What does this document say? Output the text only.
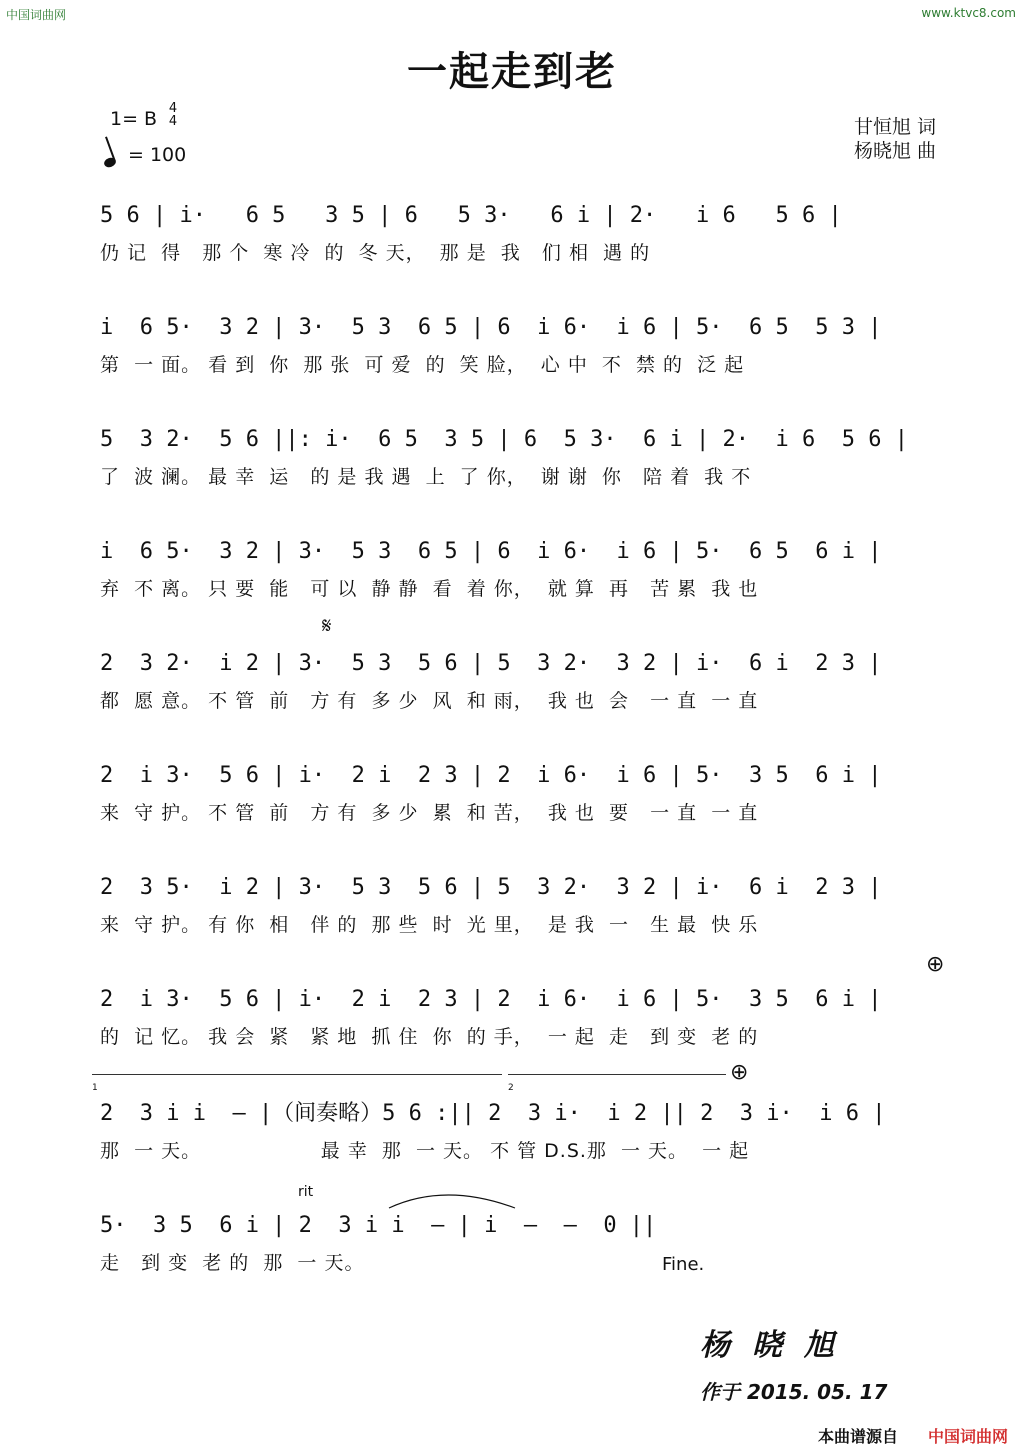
中国词曲网	www.ktvc8.com
一起走到老
1= B 4
4
= 100
甘恒旭 词
杨晓旭 曲
5 6 | i·   6 5   3 5 | 6   5 3·   6 i | 2·   i 6   5 6 |
仍 记  得   那 个  寒 冷  的  冬 天，  那 是  我   们 相  遇 的
i  6 5·  3 2 | 3·  5 3  6 5 | 6  i 6·  i 6 | 5·  6 5  5 3 |
第  一 面。 看 到  你  那 张  可 爱  的  笑 脸，  心 中  不  禁 的  泛 起
5  3 2·  5 6 ||: i·  6 5  3 5 | 6  5 3·  6 i | 2·  i 6  5 6 |
了  波 澜。 最 幸  运   的 是 我 遇  上  了 你，  谢 谢  你   陪 着  我 不
i  6 5·  3 2 | 3·  5 3  6 5 | 6  i 6·  i 6 | 5·  6 5  6 i |
弃  不 离。 只 要  能   可 以  静 静  看  着 你，  就 算  再   苦 累  我 也
𝄋
2  3 2·  i 2 | 3·  5 3  5 6 | 5  3 2·  3 2 | i·  6 i  2 3 |
都  愿 意。 不 管  前   方 有  多 少  风  和 雨，  我 也  会   一 直  一 直
2  i 3·  5 6 | i·  2 i  2 3 | 2  i 6·  i 6 | 5·  3 5  6 i |
来  守 护。 不 管  前   方 有  多 少  累  和 苦，  我 也  要   一 直  一 直
2  3 5·  i 2 | 3·  5 3  5 6 | 5  3 2·  3 2 | i·  6 i  2 3 |
来  守 护。 有 你  相   伴 的  那 些  时  光 里，  是 我  一   生 最  快 乐
⊕
2  i 3·  5 6 | i·  2 i  2 3 | 2  i 6·  i 6 | 5·  3 5  6 i |
的  记 忆。 我 会  紧   紧 地  抓 住  你  的 手，  一 起  走   到 变  老 的
1	2
⊕
2  3 i i  — |（间奏略）5 6 :|| 2  3 i·  i 2 || 2  3 i·  i 6 |
那  一 天。                 最 幸  那  一 天。 不 管 D.S.那  一 天。  一 起
rit
5·  3 5  6 i | 2  3 i i  — | i  —  —  0 ||
走   到 变  老 的  那  一 天。	Fine.
杨晓旭
作于 2015. 05. 17
本曲谱源自 中国词曲网
